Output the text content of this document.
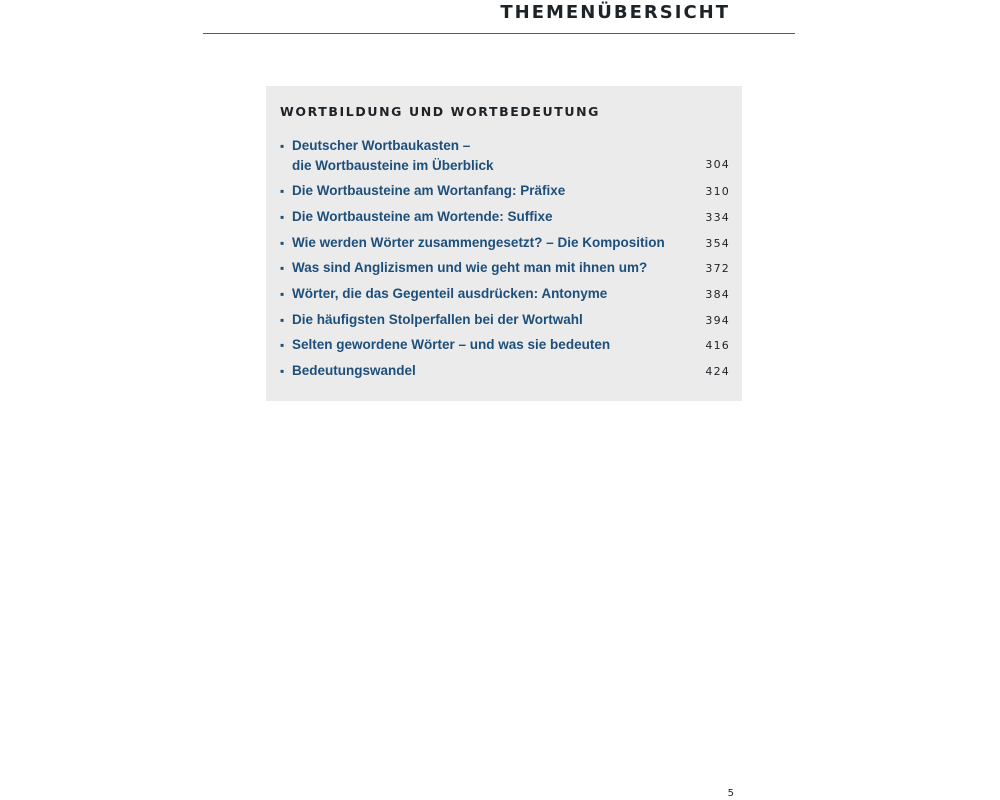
THEMENÜBERSICHT
WORTBILDUNG UND WORTBEDEUTUNG
▪ Deutscher Wortbaukasten –
die Wortbausteine im Überblick	304
▪ Die Wortbausteine am Wortanfang: Präfixe	310
▪ Die Wortbausteine am Wortende: Suffixe	334
▪ Wie werden Wörter zusammengesetzt? – Die Komposition	354
▪ Was sind Anglizismen und wie geht man mit ihnen um?	372
▪ Wörter, die das Gegenteil ausdrücken: Antonyme	384
▪ Die häufigsten Stolperfallen bei der Wortwahl	394
▪ Selten gewordene Wörter – und was sie bedeuten	416
▪ Bedeutungswandel	424
5
